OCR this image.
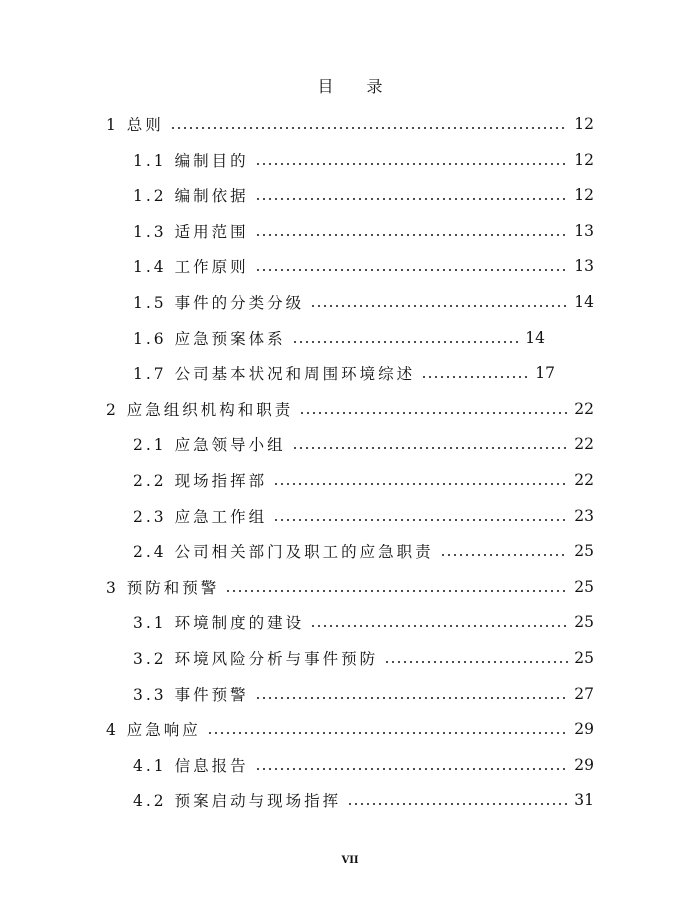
目 录
1 总则	12
1.1 编制目的	12
1.2 编制依据	12
1.3 适用范围	13
1.4 工作原则	13
1.5 事件的分类分级	14
1.6 应急预案体系	14
1.7 公司基本状况和周围环境综述	17
2 应急组织机构和职责	22
2.1 应急领导小组	22
2.2 现场指挥部	22
2.3 应急工作组	23
2.4 公司相关部门及职工的应急职责	25
3 预防和预警	25
3.1 环境制度的建设	25
3.2 环境风险分析与事件预防	25
3.3 事件预警	27
4 应急响应	29
4.1 信息报告	29
4.2 预案启动与现场指挥	31
VII
